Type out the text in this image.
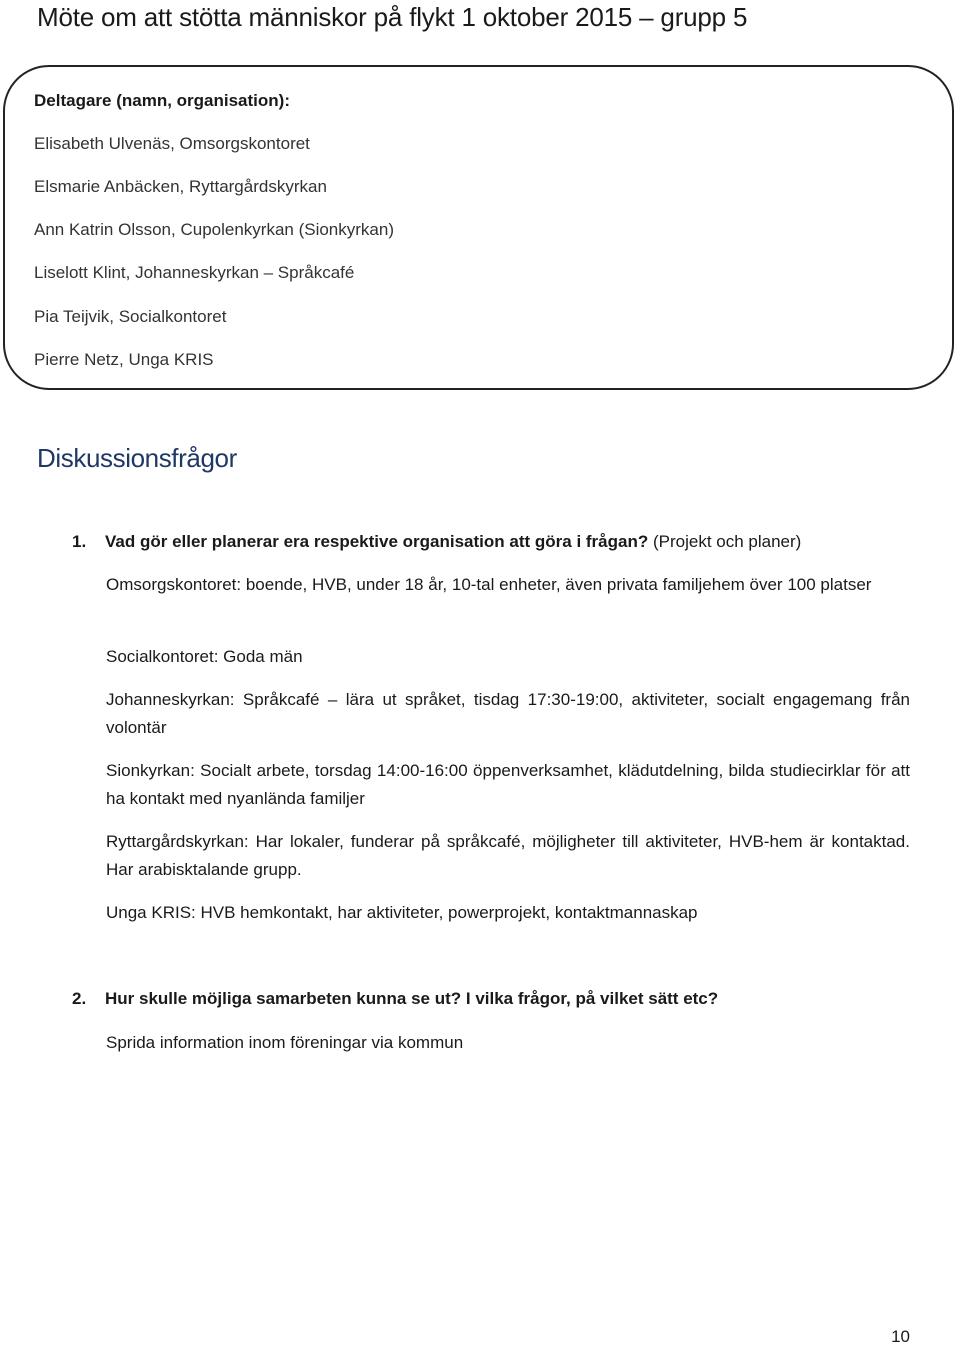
Möte om att stötta människor på flykt 1 oktober 2015 – grupp 5

Deltagare (namn, organisation):

Elisabeth Ulvenäs, Omsorgskontoret

Elsmarie Anbäcken, Ryttargårdskyrkan

Ann Katrin Olsson, Cupolenkyrkan (Sionkyrkan)

Liselott Klint, Johanneskyrkan – Språkcafé

Pia Teijvik, Socialkontoret

Pierre Netz, Unga KRIS

Diskussionsfrågor

1. Vad gör eller planerar era respektive organisation att göra i frågan? (Projekt och planer)

Omsorgskontoret: boende, HVB, under 18 år, 10-tal enheter, även privata familjehem över 100 platser

Socialkontoret: Goda män

Johanneskyrkan: Språkcafé – lära ut språket, tisdag 17:30-19:00, aktiviteter, socialt engagemang från volontär

Sionkyrkan: Socialt arbete, torsdag 14:00-16:00 öppenverksamhet, klädutdelning, bilda studiecirklar för att ha kontakt med nyanlända familjer

Ryttargårdskyrkan: Har lokaler, funderar på språkcafé, möjligheter till aktiviteter, HVB-hem är kontaktad. Har arabisktalande grupp.

Unga KRIS: HVB hemkontakt, har aktiviteter, powerprojekt, kontaktmannaskap

2. Hur skulle möjliga samarbeten kunna se ut? I vilka frågor, på vilket sätt etc?

Sprida information inom föreningar via kommun

10
